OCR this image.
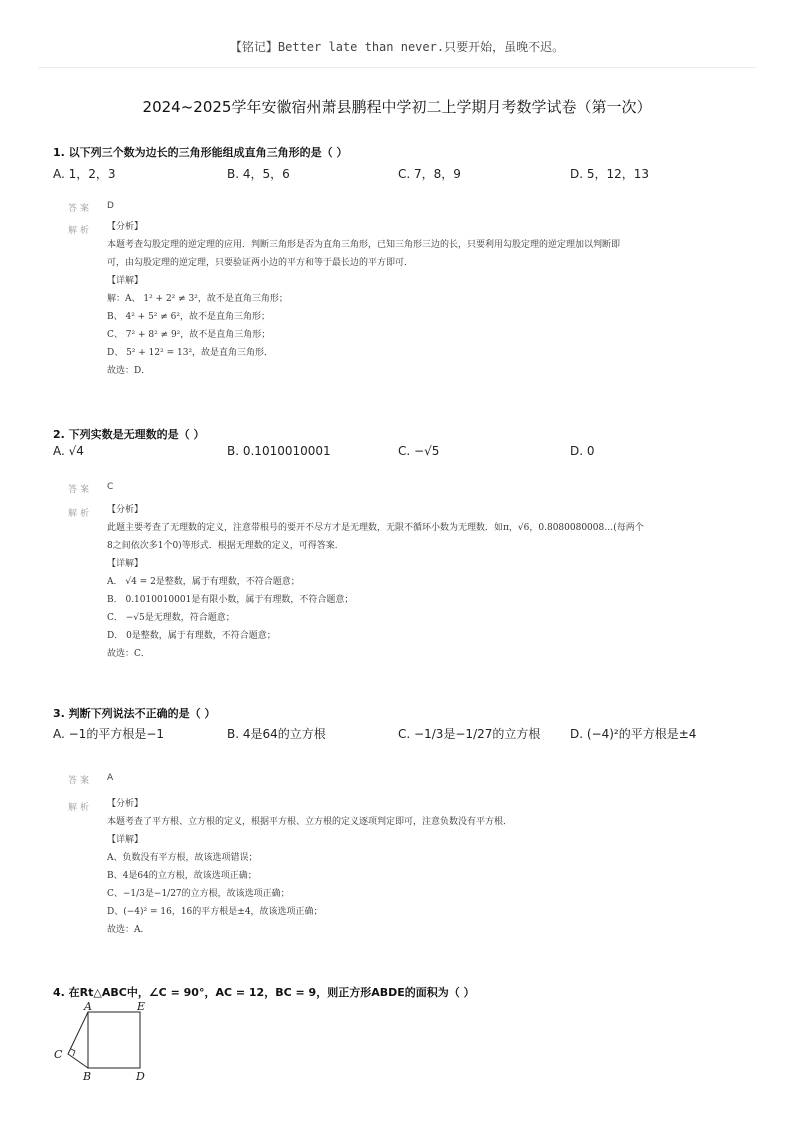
【铭记】Better late than never.只要开始，虽晚不迟。
2024~2025学年安徽宿州萧县鹏程中学初二上学期月考数学试卷（第一次）
1. 以下列三个数为边长的三角形能组成直角三角形的是（ ）
A. 1，2，3	B. 4，5，6	C. 7，8，9	D. 5，12，13
答案 D
解析 【分析】
本题考查勾股定理的逆定理的应用．判断三角形是否为直角三角形，已知三角形三边的长，只要利用勾股定理的逆定理加以判断即
可，由勾股定理的逆定理，只要验证两小边的平方和等于最长边的平方即可．
【详解】
解：A、 1² + 2² ≠ 3²，故不是直角三角形；
B、 4² + 5² ≠ 6²，故不是直角三角形；
C、 7² + 8² ≠ 9²，故不是直角三角形；
D、 5² + 12² = 13²，故是直角三角形．
故选：D．
2. 下列实数是无理数的是（ ）
A. √4	B. 0.1010010001	C. −√5	D. 0
答案 C
解析 【分析】
此题主要考查了无理数的定义，注意带根号的要开不尽方才是无理数，无限不循环小数为无理数．如π，√6，0.8080080008…(每两个
8之间依次多1个0)等形式．根据无理数的定义，可得答案．
【详解】
A． √4 = 2是整数，属于有理数，不符合题意；
B． 0.1010010001是有限小数，属于有理数，不符合题意；
C． −√5是无理数，符合题意；
D． 0是整数，属于有理数，不符合题意；
故选：C．
3. 判断下列说法不正确的是（ ）
A. −1的平方根是−1	B. 4是64的立方根	C. −1/3是−1/27的立方根 D. (−4)²的平方根是±4
答案 A
解析 【分析】
本题考查了平方根、立方根的定义，根据平方根、立方根的定义逐项判定即可，注意负数没有平方根．
【详解】
A、负数没有平方根，故该选项错误；
B、4是64的立方根，故该选项正确；
C、−1/3是−1/27的立方根，故该选项正确；
D、(−4)² = 16，16的平方根是±4，故该选项正确；
故选：A．
4. 在Rt△ABC中，∠C = 90°，AC = 12，BC = 9，则正方形ABDE的面积为（ ）
A	E
C
B	D
